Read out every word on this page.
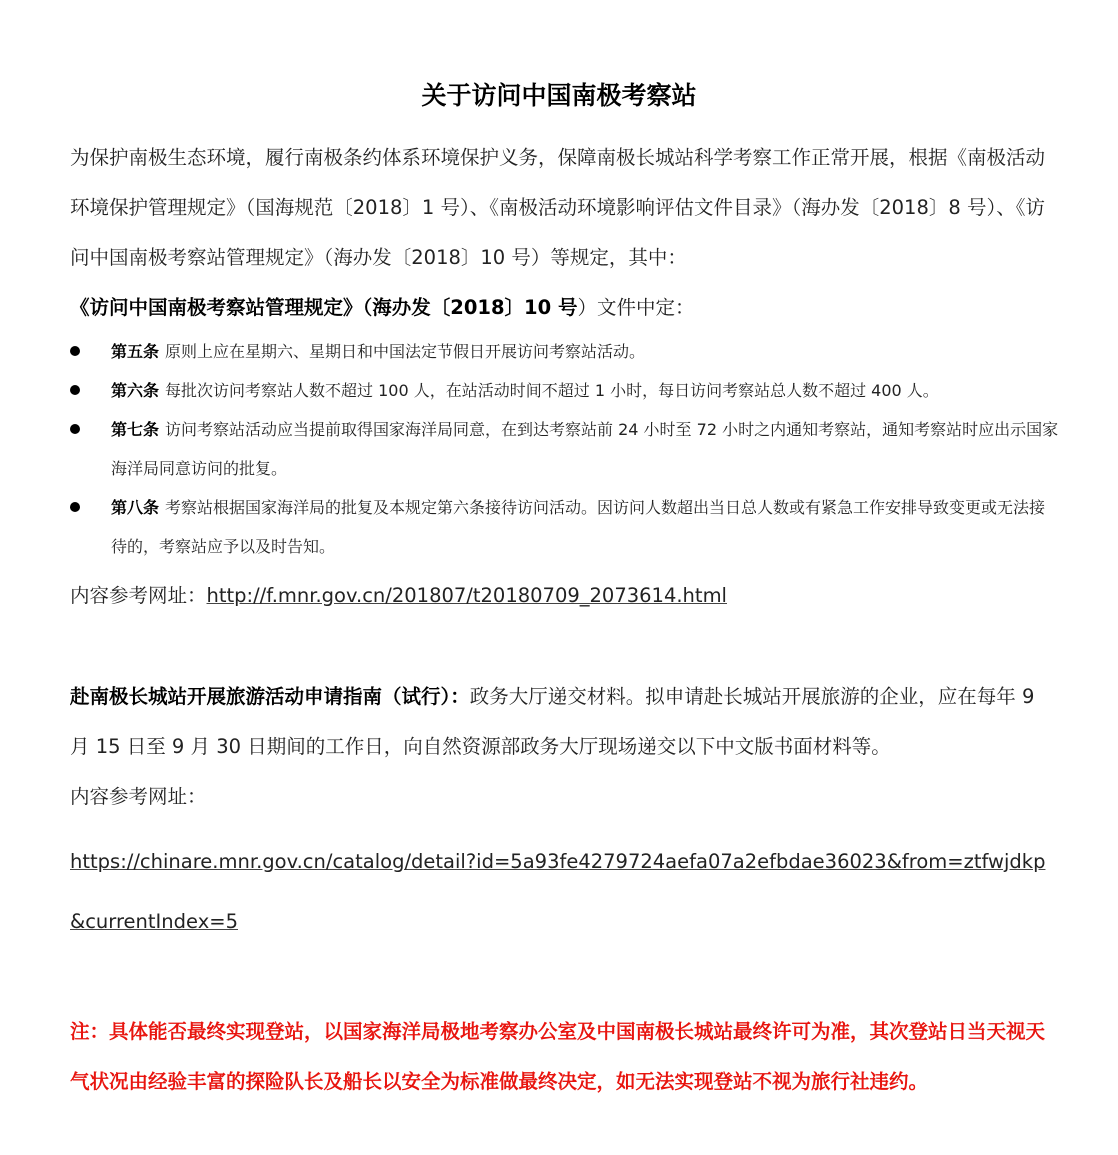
关于访问中国南极考察站
为保护南极生态环境，履行南极条约体系环境保护义务，保障南极长城站科学考察工作正常开展，根据《南极活动环境保护管理规定》（国海规范〔2018〕1 号）、《南极活动环境影响评估文件目录》（海办发〔2018〕8 号）、《访问中国南极考察站管理规定》（海办发〔2018〕10 号）等规定，其中：
《访问中国南极考察站管理规定》（海办发〔2018〕10 号）文件中定：
第五条 原则上应在星期六、星期日和中国法定节假日开展访问考察站活动。
第六条 每批次访问考察站人数不超过 100 人，在站活动时间不超过 1 小时，每日访问考察站总人数不超过 400 人。
第七条 访问考察站活动应当提前取得国家海洋局同意，在到达考察站前 24 小时至 72 小时之内通知考察站，通知考察站时应出示国家海洋局同意访问的批复。
第八条 考察站根据国家海洋局的批复及本规定第六条接待访问活动。因访问人数超出当日总人数或有紧急工作安排导致变更或无法接待的，考察站应予以及时告知。
内容参考网址：http://f.mnr.gov.cn/201807/t20180709_2073614.html
赴南极长城站开展旅游活动申请指南（试行）：政务大厅递交材料。拟申请赴长城站开展旅游的企业，应在每年 9 月 15 日至 9 月 30 日期间的工作日，向自然资源部政务大厅现场递交以下中文版书面材料等。
内容参考网址：
https://chinare.mnr.gov.cn/catalog/detail?id=5a93fe4279724aefa07a2efbdae36023&from=ztfwjdkp&currentIndex=5
注：具体能否最终实现登站，以国家海洋局极地考察办公室及中国南极长城站最终许可为准，其次登站日当天视天气状况由经验丰富的探险队长及船长以安全为标准做最终决定，如无法实现登站不视为旅行社违约。
